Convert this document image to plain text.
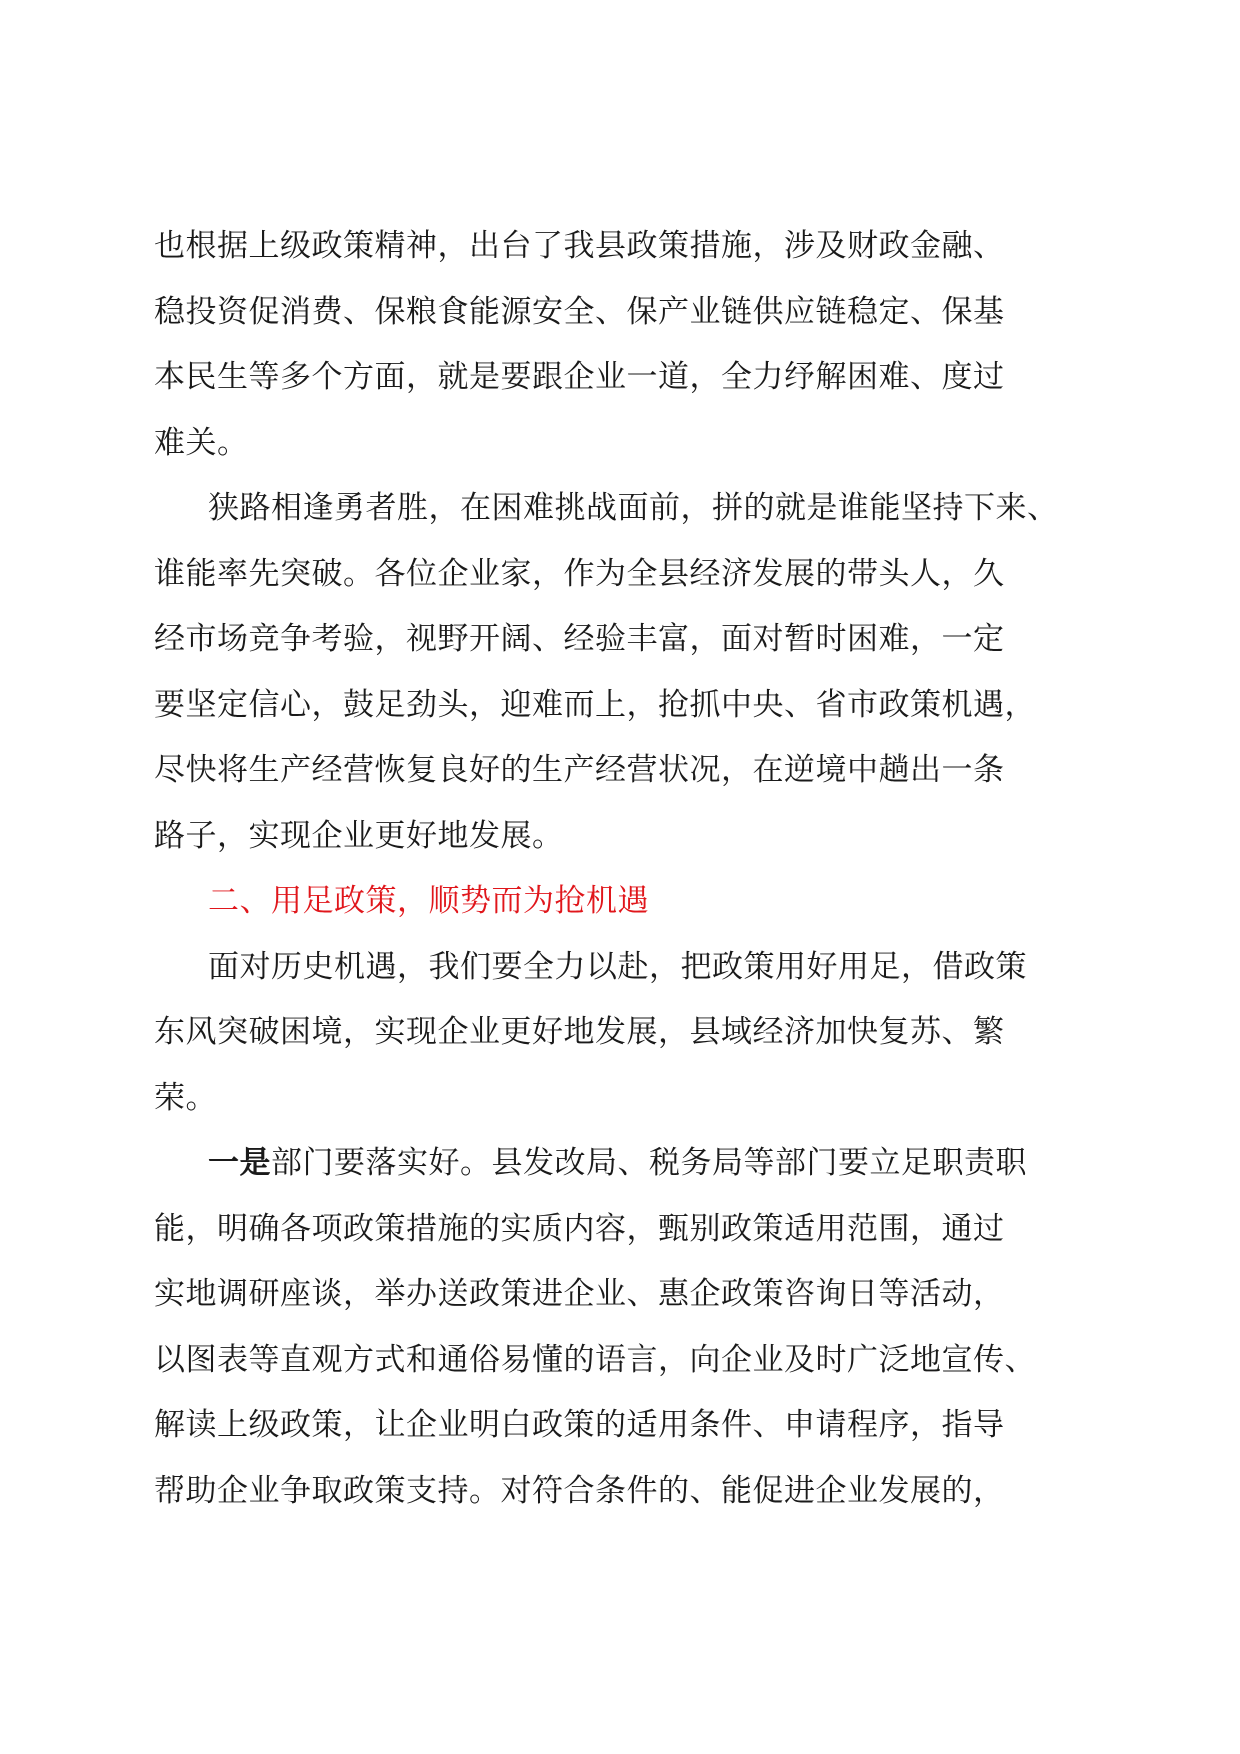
也根据上级政策精神，出台了我县政策措施，涉及财政金融、
稳投资促消费、保粮食能源安全、保产业链供应链稳定、保基
本民生等多个方面，就是要跟企业一道，全力纾解困难、度过
难关。
狭路相逢勇者胜，在困难挑战面前，拼的就是谁能坚持下来、
谁能率先突破。各位企业家，作为全县经济发展的带头人，久
经市场竞争考验，视野开阔、经验丰富，面对暂时困难，一定
要坚定信心，鼓足劲头，迎难而上，抢抓中央、省市政策机遇，
尽快将生产经营恢复良好的生产经营状况，在逆境中趟出一条
路子，实现企业更好地发展。
二、用足政策，顺势而为抢机遇
面对历史机遇，我们要全力以赴，把政策用好用足，借政策
东风突破困境，实现企业更好地发展，县域经济加快复苏、繁
荣。
一是部门要落实好。县发改局、税务局等部门要立足职责职
能，明确各项政策措施的实质内容，甄别政策适用范围，通过
实地调研座谈，举办送政策进企业、惠企政策咨询日等活动，
以图表等直观方式和通俗易懂的语言，向企业及时广泛地宣传、
解读上级政策，让企业明白政策的适用条件、申请程序，指导
帮助企业争取政策支持。对符合条件的、能促进企业发展的，
